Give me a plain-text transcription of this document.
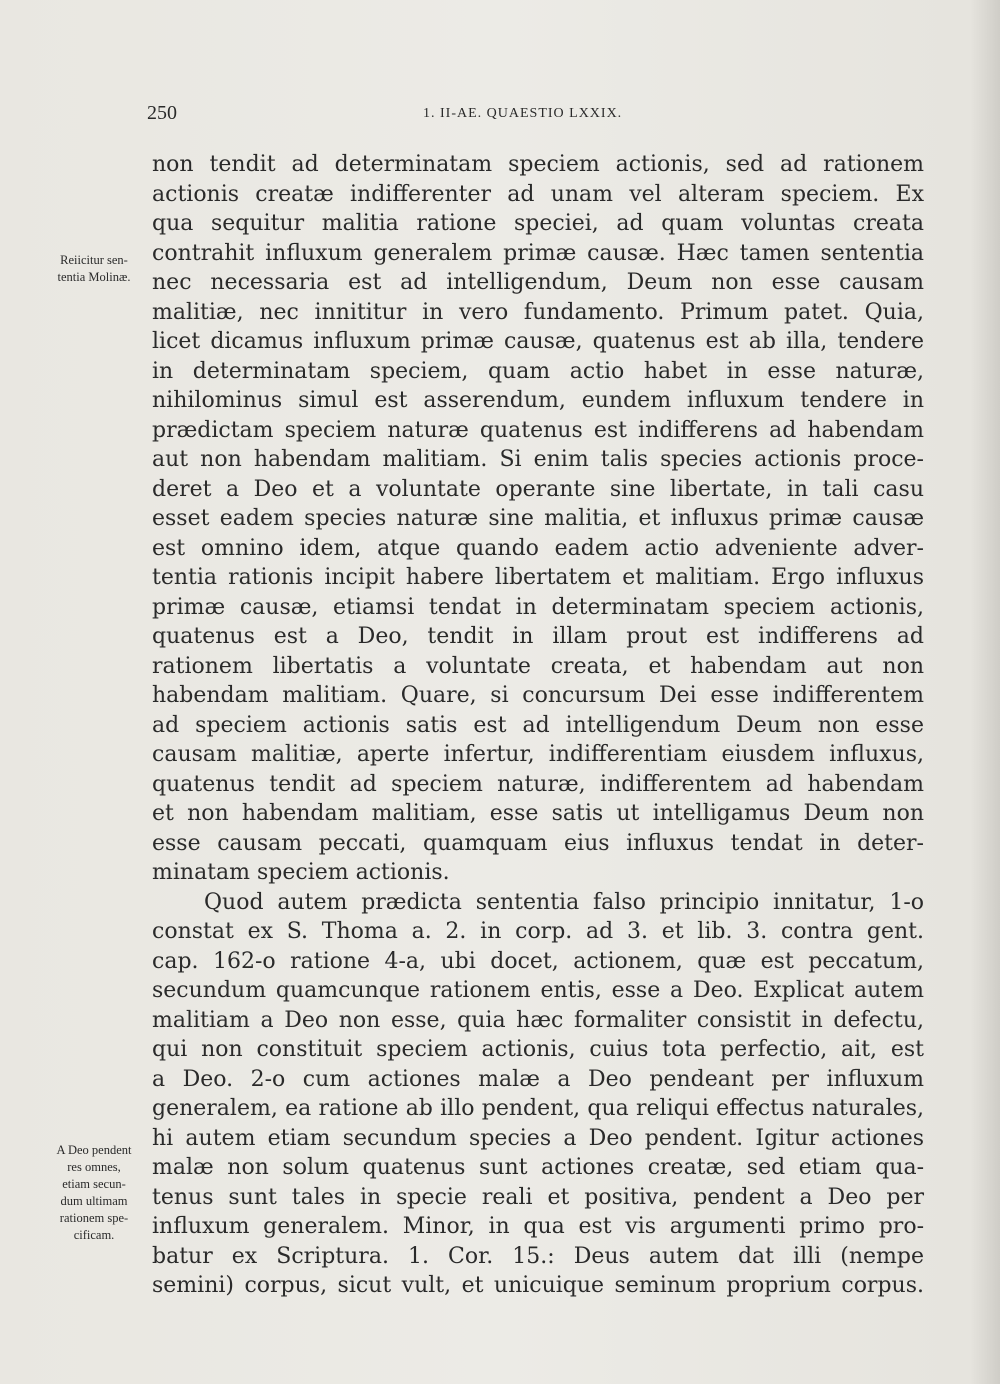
250	1. II-AE. QUAESTIO LXXIX.
Reiicitur sen-
tentia Molinæ.
A Deo pendent
res omnes,
etiam secun-
dum ultimam
rationem spe-
cificam.
non tendit ad determinatam speciem actionis, sed ad rationem
actionis creatæ indifferenter ad unam vel alteram speciem. Ex
qua sequitur malitia ratione speciei, ad quam voluntas creata
contrahit influxum generalem primæ causæ. Hæc tamen sententia
nec necessaria est ad intelligendum, Deum non esse causam
malitiæ, nec innititur in vero fundamento. Primum patet. Quia,
licet dicamus influxum primæ causæ, quatenus est ab illa, tendere
in determinatam speciem, quam actio habet in esse naturæ,
nihilominus simul est asserendum, eundem influxum tendere in
prædictam speciem naturæ quatenus est indifferens ad habendam
aut non habendam malitiam. Si enim talis species actionis proce-
deret a Deo et a voluntate operante sine libertate, in tali casu
esset eadem species naturæ sine malitia, et influxus primæ causæ
est omnino idem, atque quando eadem actio adveniente adver-
tentia rationis incipit habere libertatem et malitiam. Ergo influxus
primæ causæ, etiamsi tendat in determinatam speciem actionis,
quatenus est a Deo, tendit in illam prout est indifferens ad
rationem libertatis a voluntate creata, et habendam aut non
habendam malitiam. Quare, si concursum Dei esse indifferentem
ad speciem actionis satis est ad intelligendum Deum non esse
causam malitiæ, aperte infertur, indifferentiam eiusdem influxus,
quatenus tendit ad speciem naturæ, indifferentem ad habendam
et non habendam malitiam, esse satis ut intelligamus Deum non
esse causam peccati, quamquam eius influxus tendat in deter-
minatam speciem actionis.
Quod autem prædicta sententia falso principio innitatur, 1-o
constat ex S. Thoma a. 2. in corp. ad 3. et lib. 3. contra gent.
cap. 162-o ratione 4-a, ubi docet, actionem, quæ est peccatum,
secundum quamcunque rationem entis, esse a Deo. Explicat autem
malitiam a Deo non esse, quia hæc formaliter consistit in defectu,
qui non constituit speciem actionis, cuius tota perfectio, ait, est
a Deo. 2-o cum actiones malæ a Deo pendeant per influxum
generalem, ea ratione ab illo pendent, qua reliqui effectus naturales,
hi autem etiam secundum species a Deo pendent. Igitur actiones
malæ non solum quatenus sunt actiones creatæ, sed etiam qua-
tenus sunt tales in specie reali et positiva, pendent a Deo per
influxum generalem. Minor, in qua est vis argumenti primo pro-
batur ex Scriptura. 1. Cor. 15.: Deus autem dat illi (nempe
semini) corpus, sicut vult, et unicuique seminum proprium corpus.
